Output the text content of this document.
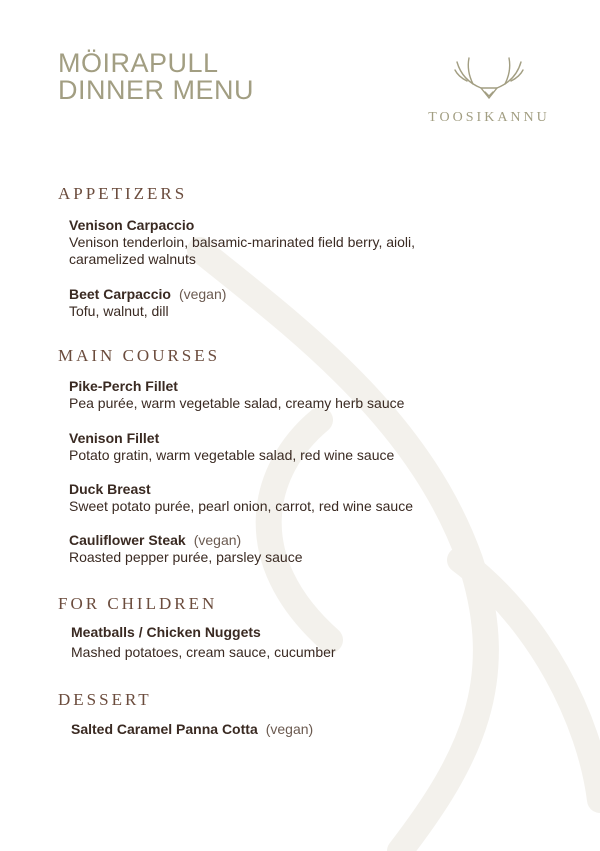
MÖIRAPULL
DINNER MENU
TOOSIKANNU
APPETIZERS
Venison Carpaccio
Venison tenderloin, balsamic-marinated field berry, aioli,
caramelized walnuts
Beet Carpaccio (vegan)
Tofu, walnut, dill
MAIN COURSES
Pike-Perch Fillet
Pea purée, warm vegetable salad, creamy herb sauce
Venison Fillet
Potato gratin, warm vegetable salad, red wine sauce
Duck Breast
Sweet potato purée, pearl onion, carrot, red wine sauce
Cauliflower Steak (vegan)
Roasted pepper purée, parsley sauce
FOR CHILDREN
Meatballs / Chicken Nuggets
Mashed potatoes, cream sauce, cucumber
DESSERT
Salted Caramel Panna Cotta (vegan)
